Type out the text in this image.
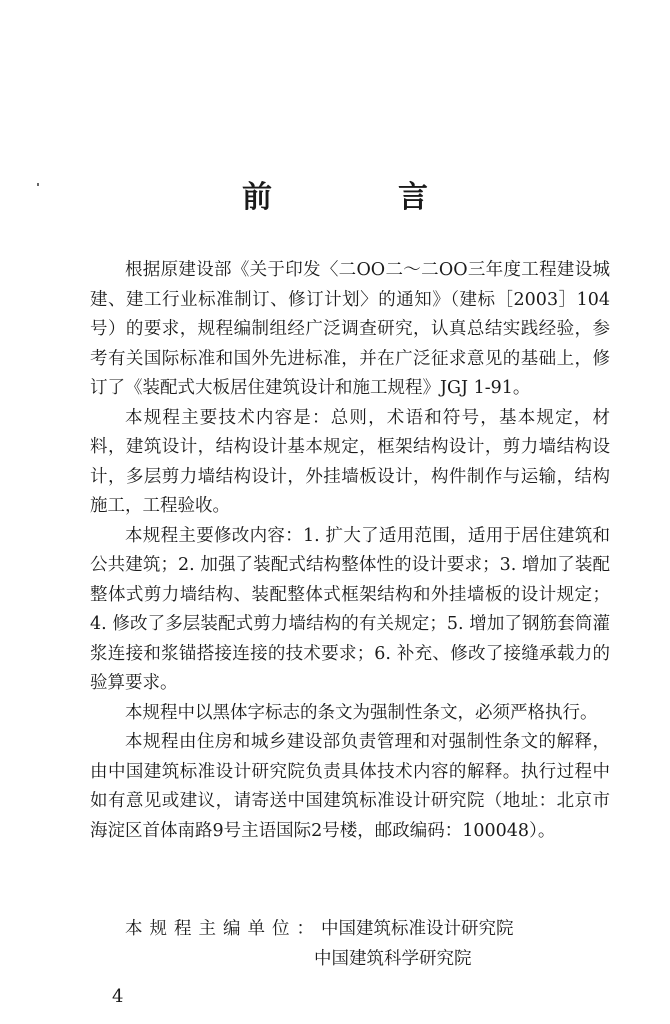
前　言

根据原建设部《关于印发〈二OO二～二OO三年度工程建设城建、建工行业标准制订、修订计划〉的通知》（建标［2003］104号）的要求，规程编制组经广泛调查研究，认真总结实践经验，参考有关国际标准和国外先进标准，并在广泛征求意见的基础上，修订了《装配式大板居住建筑设计和施工规程》JGJ 1-91。

本规程主要技术内容是：总则，术语和符号，基本规定，材料，建筑设计，结构设计基本规定，框架结构设计，剪力墙结构设计，多层剪力墙结构设计，外挂墙板设计，构件制作与运输，结构施工，工程验收。

本规程主要修改内容：1. 扩大了适用范围，适用于居住建筑和公共建筑；2. 加强了装配式结构整体性的设计要求；3. 增加了装配整体式剪力墙结构、装配整体式框架结构和外挂墙板的设计规定；4. 修改了多层装配式剪力墙结构的有关规定；5. 增加了钢筋套筒灌浆连接和浆锚搭接连接的技术要求；6. 补充、修改了接缝承载力的验算要求。

本规程中以黑体字标志的条文为强制性条文，必须严格执行。

本规程由住房和城乡建设部负责管理和对强制性条文的解释，由中国建筑标准设计研究院负责具体技术内容的解释。执行过程中如有意见或建议，请寄送中国建筑标准设计研究院（地址：北京市海淀区首体南路9号主语国际2号楼，邮政编码：100048）。

本规程主编单位：中国建筑标准设计研究院
中国建筑科学研究院
4
